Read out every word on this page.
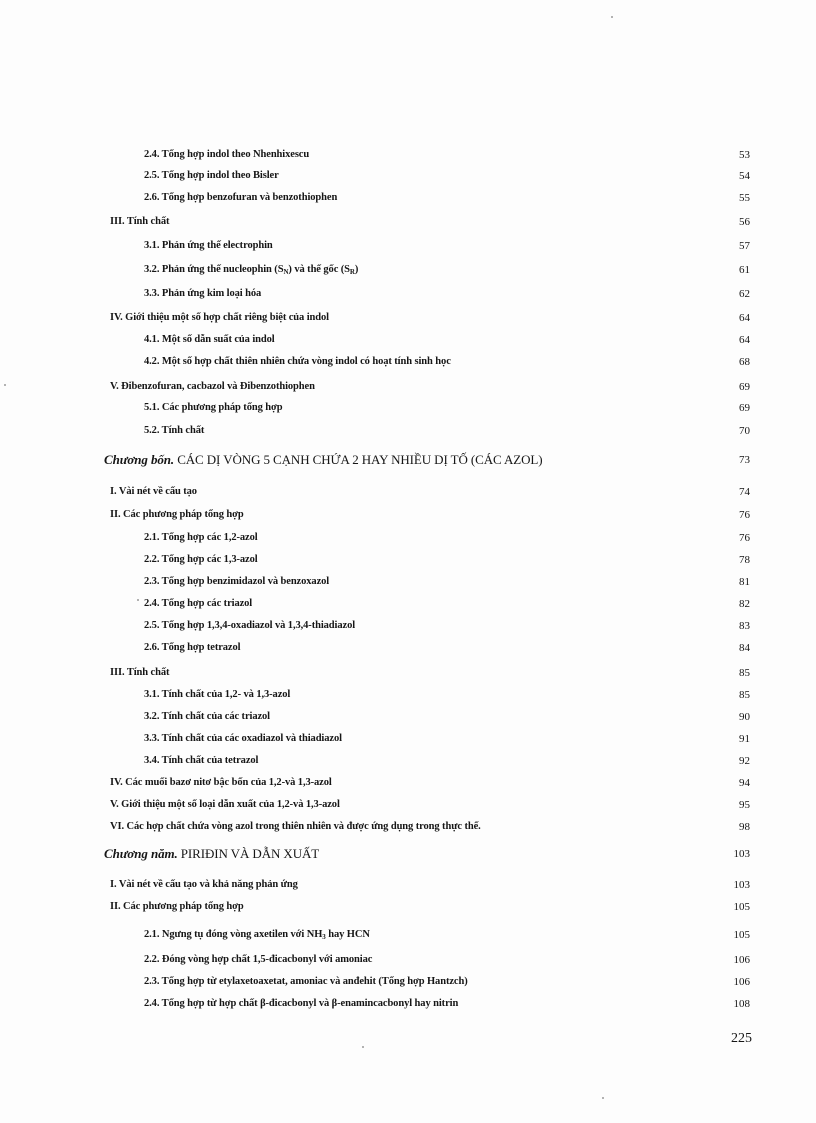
2.4. Tổng hợp indol theo Nhenhixescu	53
2.5. Tổng hợp indol theo Bisler	54
2.6. Tổng hợp benzofuran và benzothiophen	55
III. Tính chất	56
3.1. Phản ứng thế electrophin	57
3.2. Phản ứng thế nucleophin $(S_N)$ và thế gốc $(S_R)$	61
3.3. Phản ứng kim loại hóa	62
IV. Giới thiệu một số hợp chất riêng biệt của indol	64
4.1. Một số dẫn suất của indol	64
4.2. Một số hợp chất thiên nhiên chứa vòng indol có hoạt tính sinh học	68
V. Đibenzofuran, cacbazol và Đibenzothiophen	69
5.1. Các phương pháp tổng hợp	69
5.2. Tính chất	70
Chương bốn. CÁC DỊ VÒNG 5 CẠNH CHỨA 2 HAY NHIỀU DỊ TỐ (CÁC AZOL)	73
I. Vài nét về cấu tạo	74
II. Các phương pháp tổng hợp	76
2.1. Tổng hợp các 1,2-azol	76
2.2. Tổng hợp các 1,3-azol	78
2.3. Tổng hợp benzimidazol và benzoxazol	81
2.4. Tổng hợp các triazol	82
2.5. Tổng hợp 1,3,4-oxadiazol và 1,3,4-thiadiazol	83
2.6. Tổng hợp tetrazol	84
III. Tính chất	85
3.1. Tính chất của 1,2- và 1,3-azol	85
3.2. Tính chất của các triazol	90
3.3. Tính chất của các oxadiazol và thiadiazol	91
3.4. Tính chất của tetrazol	92
IV. Các muối bazơ nitơ bậc bốn của 1,2-và 1,3-azol	94
V. Giới thiệu một số loại dẫn xuất của 1,2-và 1,3-azol	95
VI. Các hợp chất chứa vòng azol trong thiên nhiên và được ứng dụng trong thực thế.	98
Chương năm. PIRIĐIN VÀ DẪN XUẤT	103
I. Vài nét về cấu tạo và khả năng phản ứng	103
II. Các phương pháp tổng hợp	105
2.1. Ngưng tụ đóng vòng axetilen với $NH_3$ hay HCN	105
2.2. Đóng vòng hợp chất 1,5-đicacbonyl với amoniac	106
2.3. Tổng hợp từ etylaxetoaxetat, amoniac và anđehit (Tổng hợp Hantzch)	106
2.4. Tổng hợp từ hợp chất β-đicacbonyl và β-enamincacbonyl hay nitrin	108
225
